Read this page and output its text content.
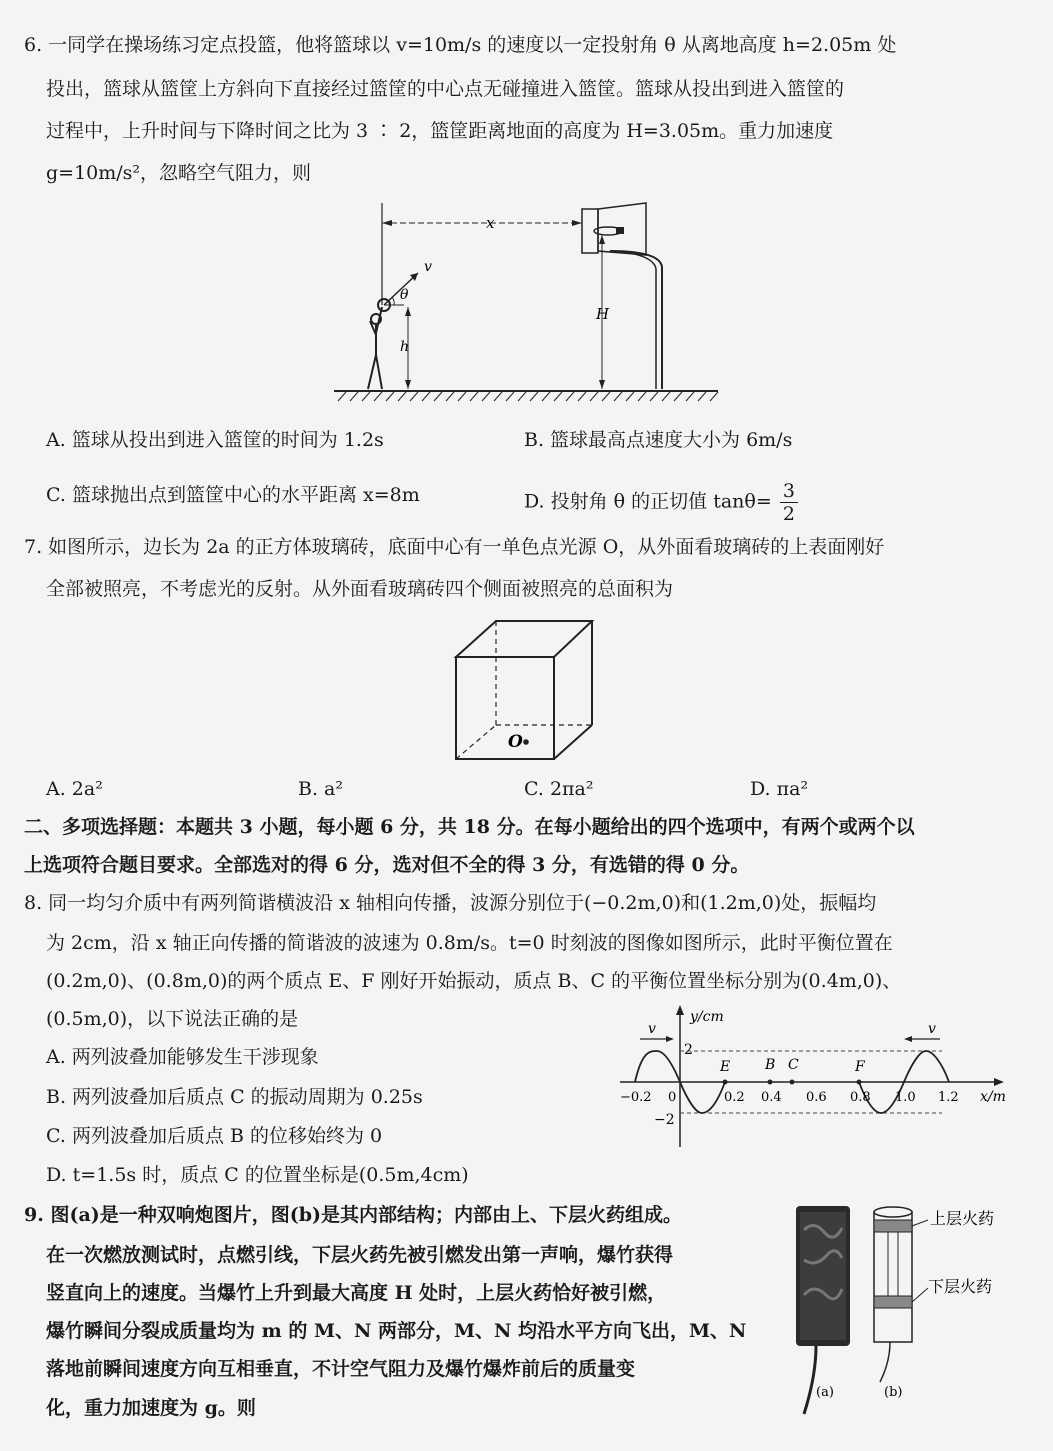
6. 一同学在操场练习定点投篮，他将篮球以 v=10m/s 的速度以一定投射角 θ 从离地高度 h=2.05m 处
投出，篮球从篮筐上方斜向下直接经过篮筐的中心点无碰撞进入篮筐。篮球从投出到进入篮筐的
过程中，上升时间与下降时间之比为 3 ∶ 2，篮筐距离地面的高度为 H=3.05m。重力加速度
g=10m/s²，忽略空气阻力，则
x
v
θ
h
H
A. 篮球从投出到进入篮筐的时间为 1.2s	B. 篮球最高点速度大小为 6m/s
C. 篮球抛出点到篮筐中心的水平距离 x=8m	D. 投射角 θ 的正切值 $\tan\theta= \frac{3}{2}$
7. 如图所示，边长为 2a 的正方体玻璃砖，底面中心有一单色点光源 O，从外面看玻璃砖的上表面刚好
全部被照亮，不考虑光的反射。从外面看玻璃砖四个侧面被照亮的总面积为
O
A. 2a²	B. a²	C. 2πa²	D. πa²
二、多项选择题：本题共 3 小题，每小题 6 分，共 18 分。在每小题给出的四个选项中，有两个或两个以
上选项符合题目要求。全部选对的得 6 分，选对但不全的得 3 分，有选错的得 0 分。
8. 同一均匀介质中有两列简谐横波沿 x 轴相向传播，波源分别位于(−0.2m,0)和(1.2m,0)处，振幅均
为 2cm，沿 x 轴正向传播的简谐波的波速为 0.8m/s。t=0 时刻波的图像如图所示，此时平衡位置在
(0.2m,0)、(0.8m,0)的两个质点 E、F 刚好开始振动，质点 B、C 的平衡位置坐标分别为(0.4m,0)、
(0.5m,0)，以下说法正确的是
A. 两列波叠加能够发生干涉现象
B. 两列波叠加后质点 C 的振动周期为 0.25s
C. 两列波叠加后质点 B 的位移始终为 0
D. t=1.5s 时，质点 C 的位置坐标是(0.5m,4cm)
y/cm
x/m
2
−2
v	v
E B C	F
−0.2 0	0.2 0.4 0.6 0.8 1.0 1.2
9. 图(a)是一种双响炮图片，图(b)是其内部结构；内部由上、下层火药组成。
在一次燃放测试时，点燃引线，下层火药先被引燃发出第一声响，爆竹获得
竖直向上的速度。当爆竹上升到最大高度 H 处时，上层火药恰好被引燃，
爆竹瞬间分裂成质量均为 m 的 M、N 两部分，M、N 均沿水平方向飞出，M、N
落地前瞬间速度方向互相垂直，不计空气阻力及爆竹爆炸前后的质量变
化，重力加速度为 g。则
(a)
上层火药
下层火药
(b)
